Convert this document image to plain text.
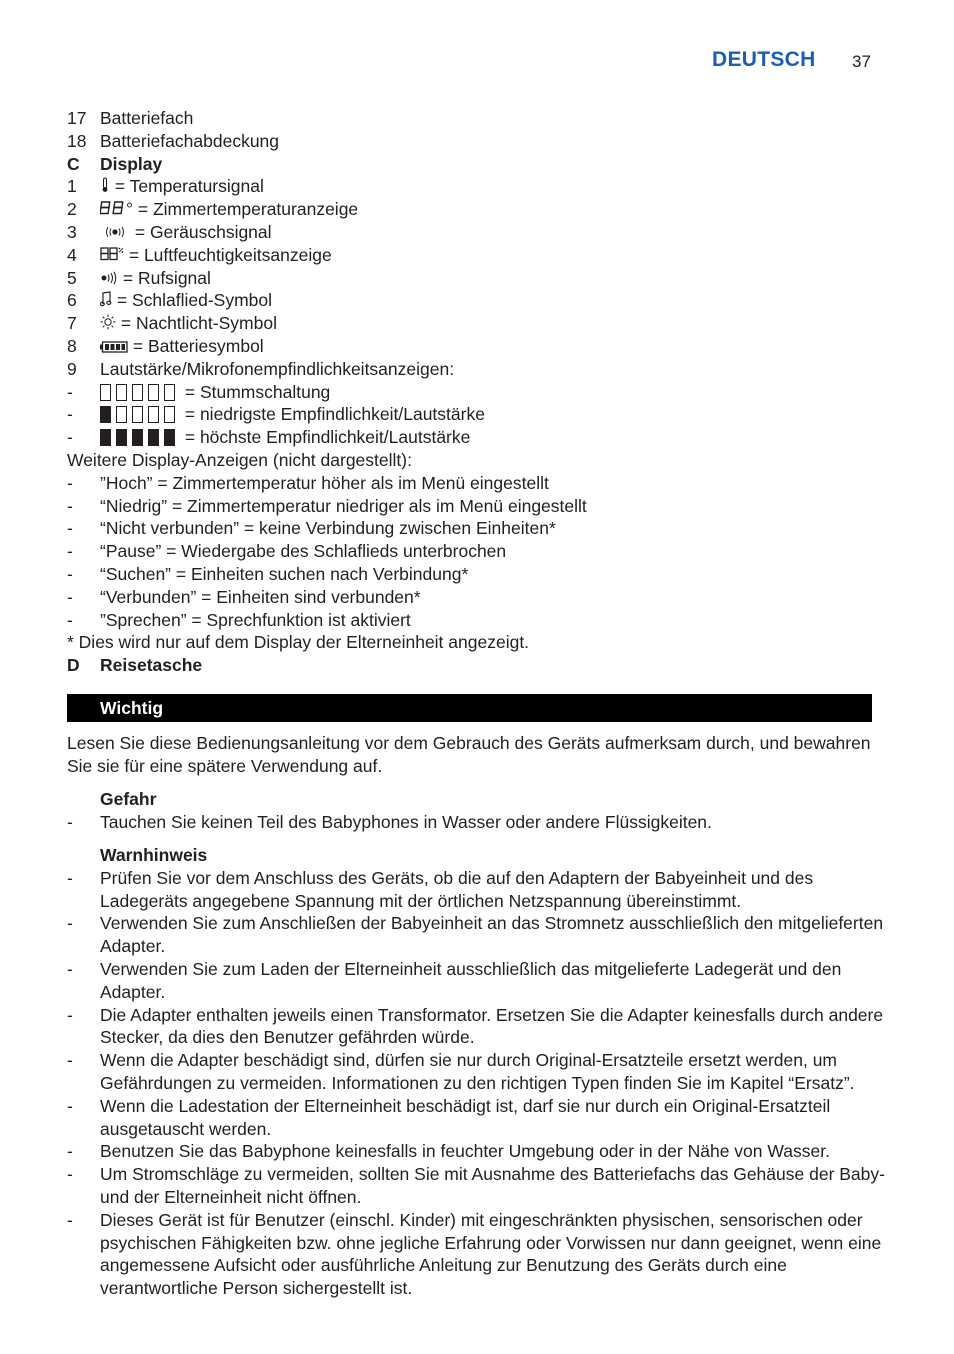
DEUTSCH 37
17 Batteriefach
18 Batteriefachabdeckung
C	Display
1	= Temperatursignal
2	° = Zimmertemperaturanzeige
3	= Geräuschsignal
4	= Luftfeuchtigkeitsanzeige
5	= Rufsignal
6	= Schlaflied-Symbol
7	= Nachtlicht-Symbol
8	= Batteriesymbol
9	Lautstärke/Mikrofonempfindlichkeitsanzeigen:
-	= Stummschaltung
-	= niedrigste Empfindlichkeit/Lautstärke
-	= höchste Empfindlichkeit/Lautstärke
Weitere Display-Anzeigen (nicht dargestellt):
-	”Hoch” = Zimmertemperatur höher als im Menü eingestellt
-	“Niedrig” = Zimmertemperatur niedriger als im Menü eingestellt
-	“Nicht verbunden” = keine Verbindung zwischen Einheiten*
-	“Pause” = Wiedergabe des Schlaflieds unterbrochen
-	“Suchen” = Einheiten suchen nach Verbindung*
-	“Verbunden” = Einheiten sind verbunden*
-	”Sprechen” = Sprechfunktion ist aktiviert
* Dies wird nur auf dem Display der Elterneinheit angezeigt.
D	Reisetasche
Wichtig
Lesen Sie diese Bedienungsanleitung vor dem Gebrauch des Geräts aufmerksam durch, und bewahren Sie sie für eine spätere Verwendung auf.
Gefahr
- Tauchen Sie keinen Teil des Babyphones in Wasser oder andere Flüssigkeiten.
Warnhinweis
- Prüfen Sie vor dem Anschluss des Geräts, ob die auf den Adaptern der Babyeinheit und des Ladegeräts angegebene Spannung mit der örtlichen Netzspannung übereinstimmt.
- Verwenden Sie zum Anschließen der Babyeinheit an das Stromnetz ausschließlich den mitgelieferten Adapter.
- Verwenden Sie zum Laden der Elterneinheit ausschließlich das mitgelieferte Ladegerät und den Adapter.
- Die Adapter enthalten jeweils einen Transformator. Ersetzen Sie die Adapter keinesfalls durch andere Stecker, da dies den Benutzer gefährden würde.
- Wenn die Adapter beschädigt sind, dürfen sie nur durch Original-Ersatzteile ersetzt werden, um Gefährdungen zu vermeiden. Informationen zu den richtigen Typen finden Sie im Kapitel “Ersatz”.
- Wenn die Ladestation der Elterneinheit beschädigt ist, darf sie nur durch ein Original-Ersatzteil ausgetauscht werden.
- Benutzen Sie das Babyphone keinesfalls in feuchter Umgebung oder in der Nähe von Wasser.
- Um Stromschläge zu vermeiden, sollten Sie mit Ausnahme des Batteriefachs das Gehäuse der Baby- und der Elterneinheit nicht öffnen.
- Dieses Gerät ist für Benutzer (einschl. Kinder) mit eingeschränkten physischen, sensorischen oder psychischen Fähigkeiten bzw. ohne jegliche Erfahrung oder Vorwissen nur dann geeignet, wenn eine angemessene Aufsicht oder ausführliche Anleitung zur Benutzung des Geräts durch eine verantwortliche Person sichergestellt ist.
